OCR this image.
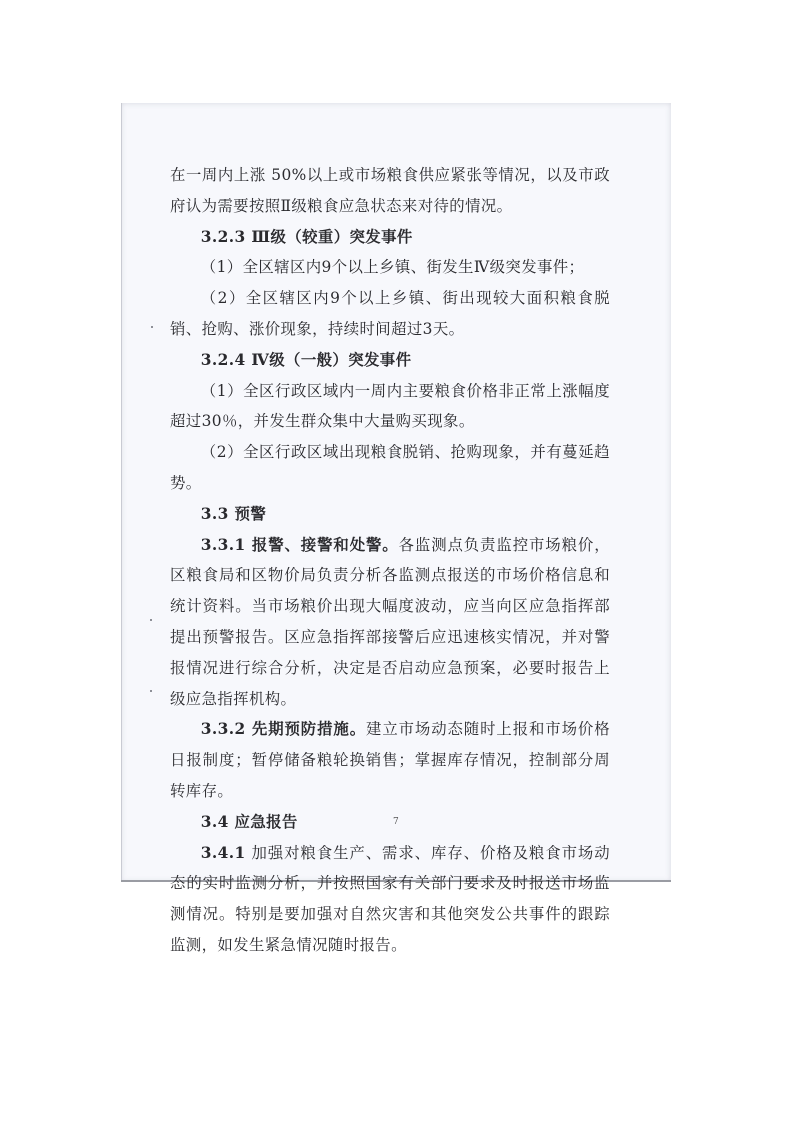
在一周内上涨 50%以上或市场粮食供应紧张等情况，以及市政府认为需要按照Ⅱ级粮食应急状态来对待的情况。

3.2.3 Ⅲ级（较重）突发事件

（1）全区辖区内9个以上乡镇、街发生Ⅳ级突发事件；

（2）全区辖区内9个以上乡镇、街出现较大面积粮食脱销、抢购、涨价现象，持续时间超过3天。

3.2.4 Ⅳ级（一般）突发事件

（1）全区行政区域内一周内主要粮食价格非正常上涨幅度超过30％，并发生群众集中大量购买现象。

（2）全区行政区域出现粮食脱销、抢购现象，并有蔓延趋势。

3.3 预警

3.3.1 报警、接警和处警。各监测点负责监控市场粮价，区粮食局和区物价局负责分析各监测点报送的市场价格信息和统计资料。当市场粮价出现大幅度波动，应当向区应急指挥部提出预警报告。区应急指挥部接警后应迅速核实情况，并对警报情况进行综合分析，决定是否启动应急预案，必要时报告上级应急指挥机构。

3.3.2 先期预防措施。建立市场动态随时上报和市场价格日报制度；暂停储备粮轮换销售；掌握库存情况，控制部分周转库存。

3.4 应急报告

3.4.1 加强对粮食生产、需求、库存、价格及粮食市场动态的实时监测分析，并按照国家有关部门要求及时报送市场监测情况。特别是要加强对自然灾害和其他突发公共事件的跟踪监测，如发生紧急情况随时报告。

7
